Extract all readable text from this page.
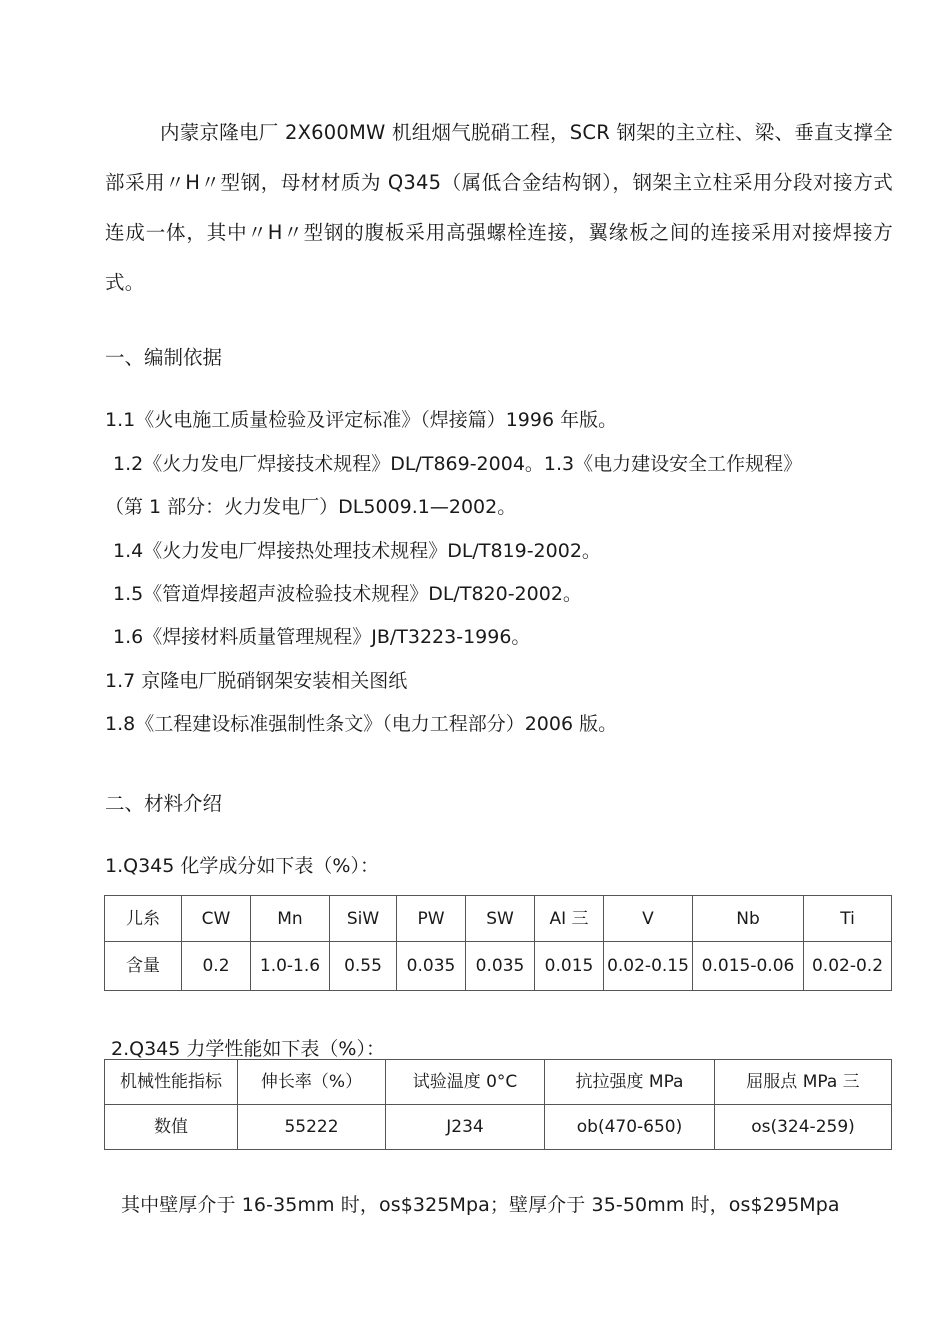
内蒙京隆电厂 2X600MW 机组烟气脱硝工程，SCR 钢架的主立柱、梁、垂直支撑全部采用〃H〃型钢，母材材质为 Q345（属低合金结构钢），钢架主立柱采用分段对接方式连成一体，其中〃H〃型钢的腹板采用高强螺栓连接，翼缘板之间的连接采用对接焊接方式。

一、编制依据

1.1《火电施工质量检验及评定标准》（焊接篇）1996 年版。

1.2《火力发电厂焊接技术规程》DL/T869-2004。1.3《电力建设安全工作规程》

（第 1 部分：火力发电厂）DL5009.1—2002。

1.4《火力发电厂焊接热处理技术规程》DL/T819-2002。

1.5《管道焊接超声波检验技术规程》DL/T820-2002。

1.6《焊接材料质量管理规程》JB/T3223-1996。

1.7 京隆电厂脱硝钢架安装相关图纸

1.8《工程建设标准强制性条文》（电力工程部分）2006 版。

二、材料介绍

1.Q345 化学成分如下表（%）：

儿糸	CW	Mn	SiW	PW	SW	AI 三	V	Nb	Ti
含量	0.2	1.0-1.6	0.55	0.035	0.035	0.015	0.02-0.15	0.015-0.06	0.02-0.2

2.Q345 力学性能如下表（%）：

机械性能指标	伸长率（%）	试验温度 0°C	抗拉强度 MPa	屈服点 MPa 三
数值	55222	J234	ob(470-650)	os(324-259)

其中壁厚介于 16-35mm 时，os$325Mpa；壁厚介于 35-50mm 时，os$295Mpa
